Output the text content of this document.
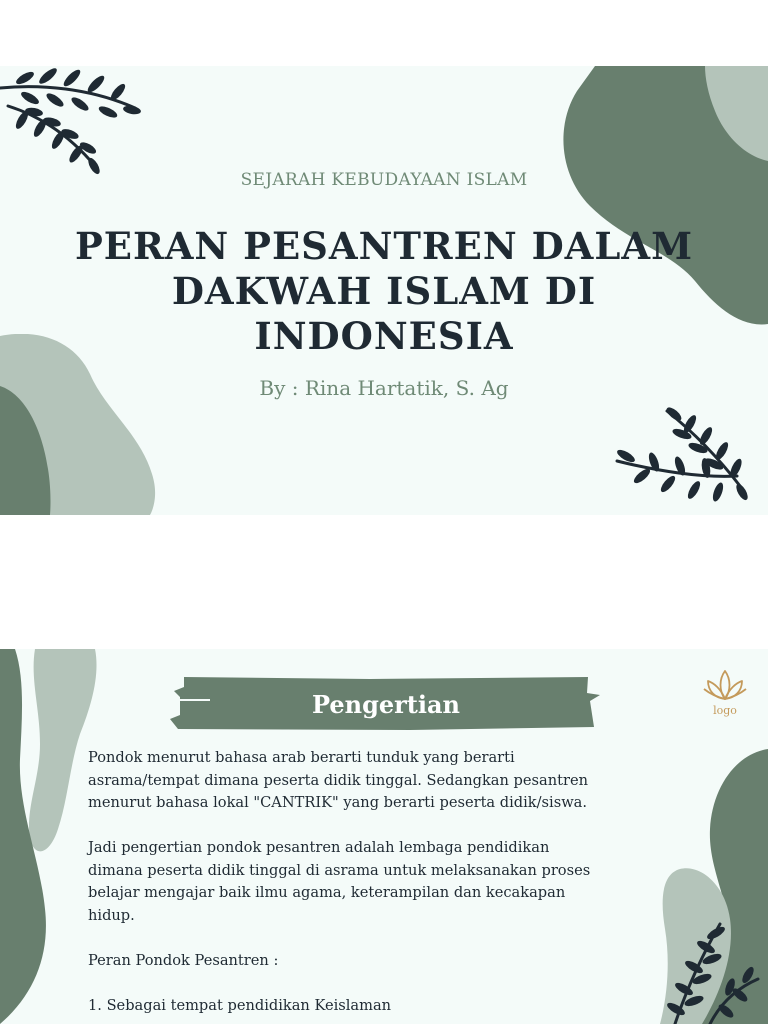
SEJARAH KEBUDAYAAN ISLAM

PERAN PESANTREN DALAM
DAKWAH ISLAM DI
INDONESIA

By : Rina Hartatik, S. Ag

Pengertian	logo

Pondok menurut bahasa arab berarti tunduk yang berarti
asrama/tempat dimana peserta didik tinggal. Sedangkan pesantren
menurut bahasa lokal "CANTRIK" yang berarti peserta didik/siswa.

Jadi pengertian pondok pesantren adalah lembaga pendidikan
dimana peserta didik tinggal di asrama untuk melaksanakan proses
belajar mengajar baik ilmu agama, keterampilan dan kecakapan
hidup.

Peran Pondok Pesantren :

1. Sebagai tempat pendidikan Keislaman
